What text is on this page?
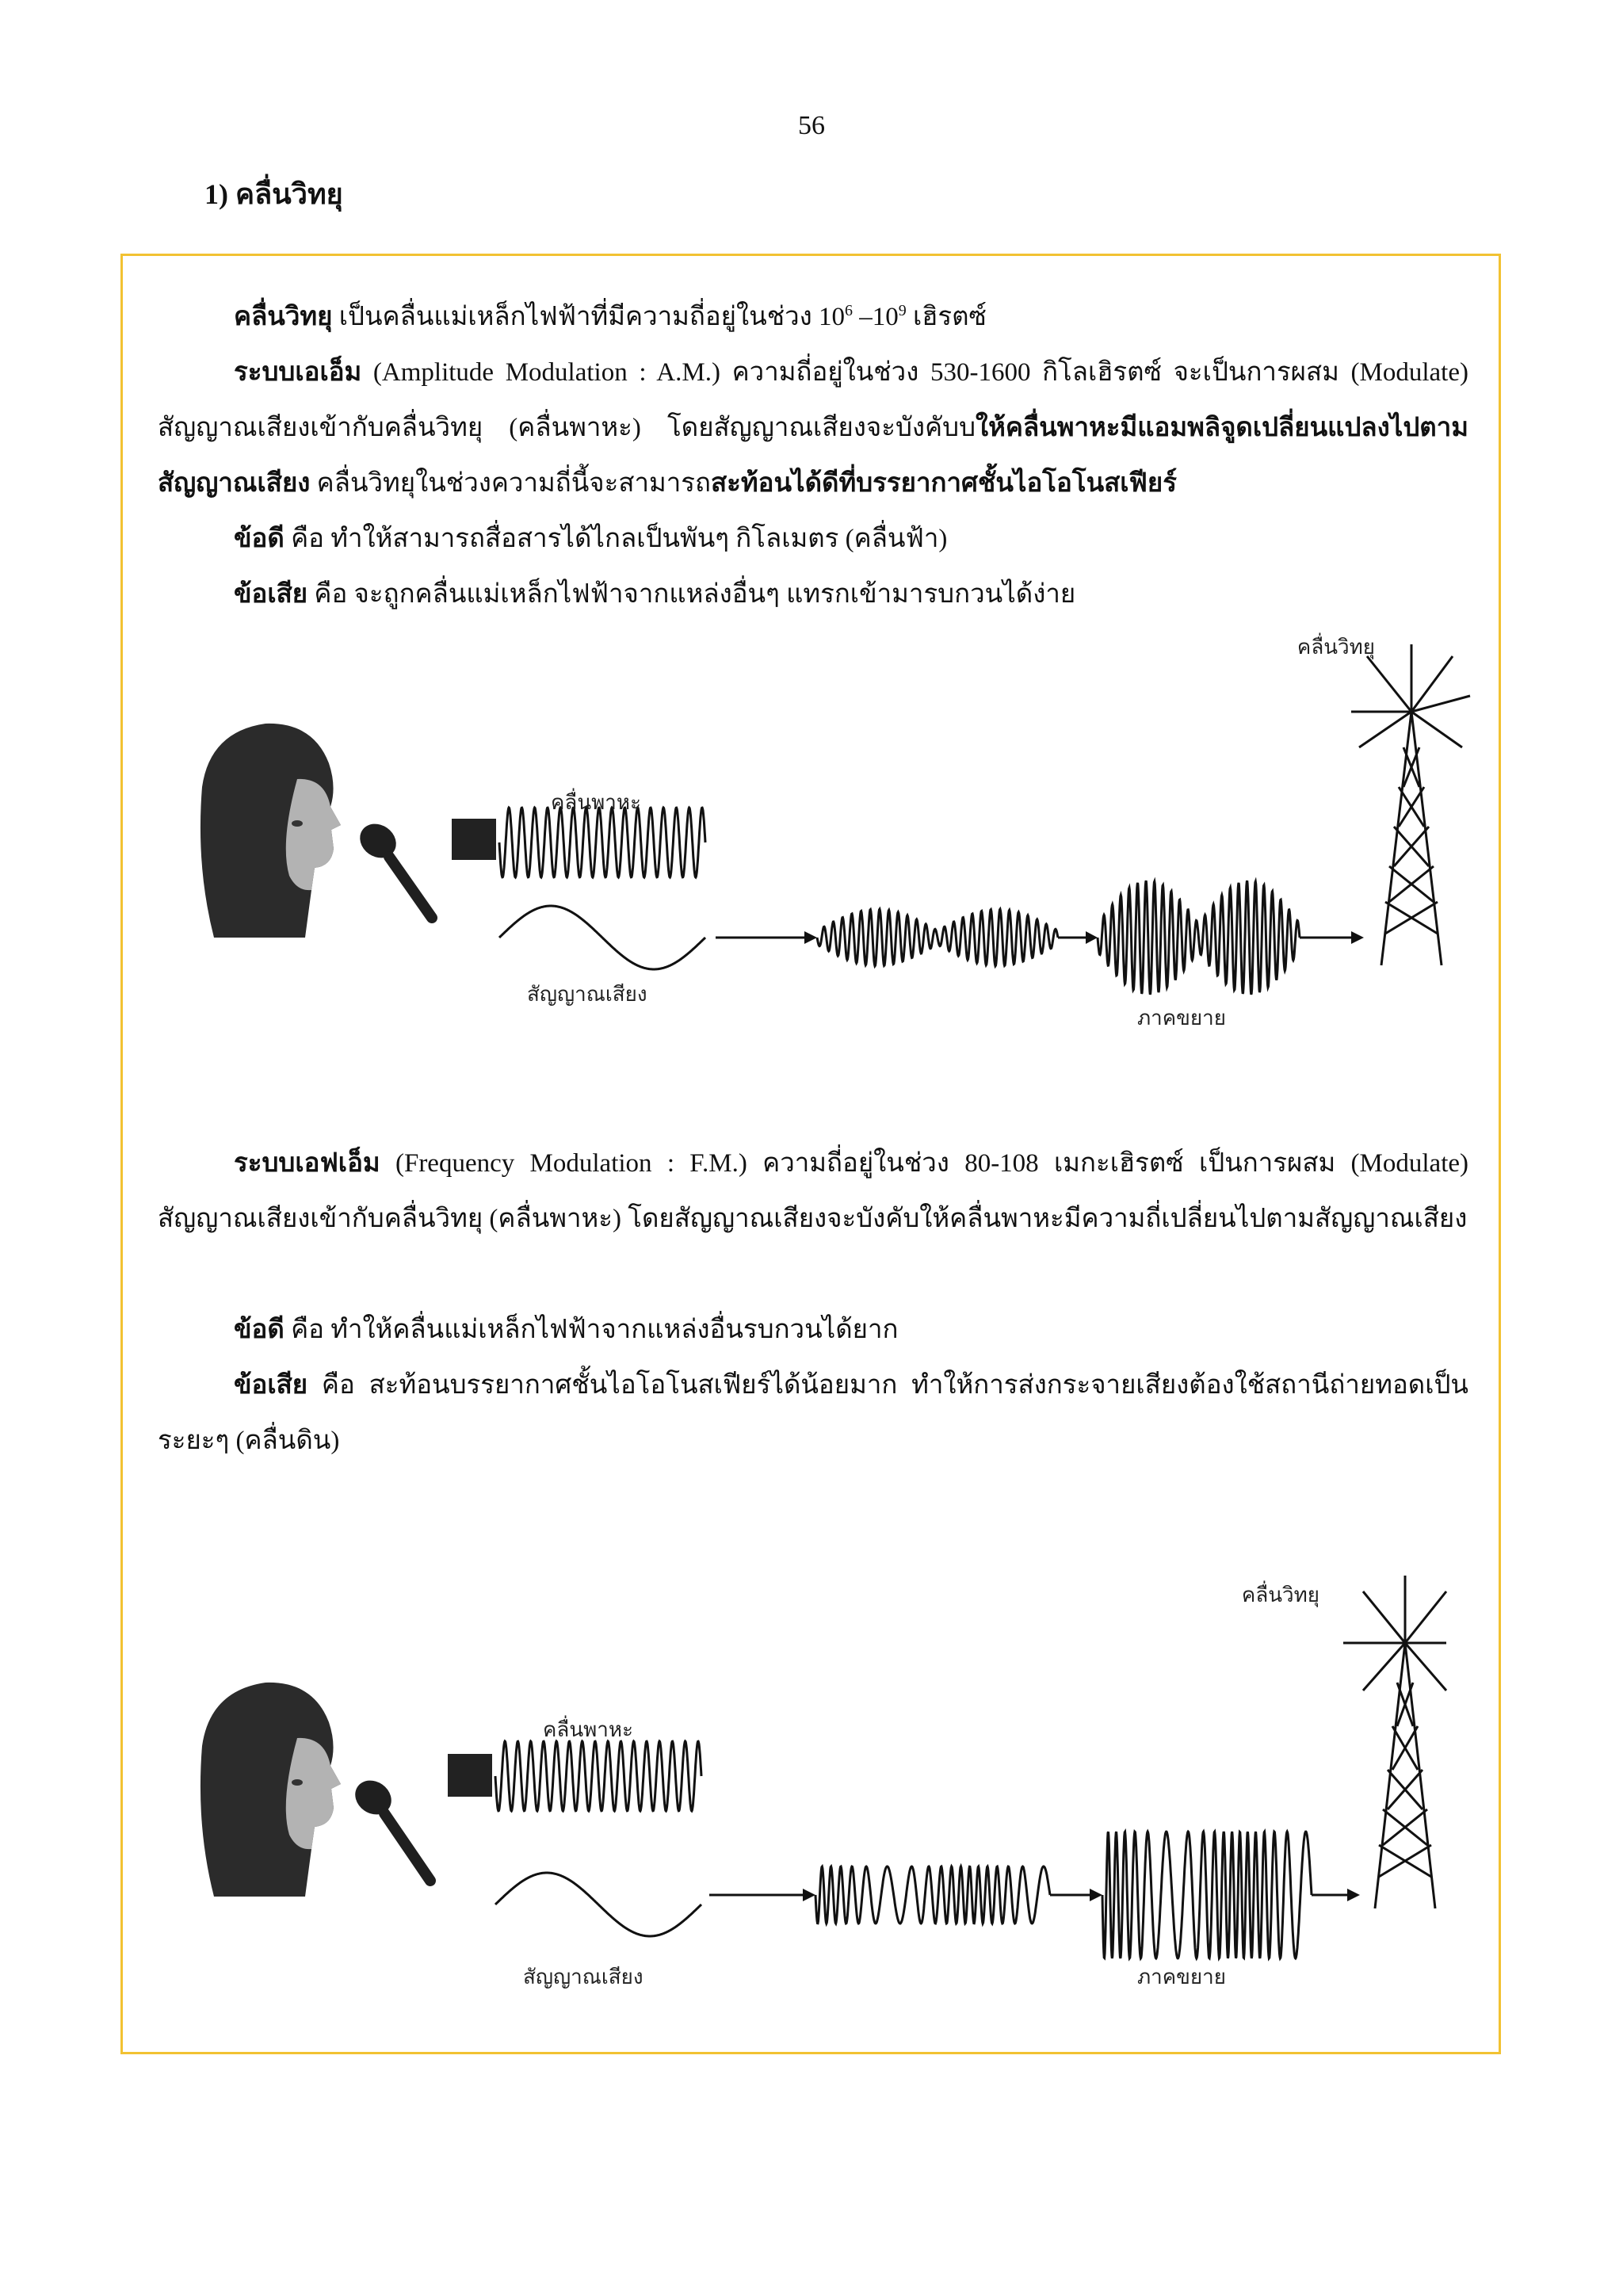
56
1) คลื่นวิทยุ

คลื่นวิทยุ เป็นคลื่นแม่เหล็กไฟฟ้าที่มีความถี่อยู่ในช่วง $10^6$ $-10^9$ เฮิรตซ์

ระบบเอเอ็ม (Amplitude Modulation : A.M.) ความถี่อยู่ในช่วง 530-1600 กิโลเฮิรตซ์ จะเป็นการผสม (Modulate) สัญญาณเสียงเข้ากับคลื่นวิทยุ (คลื่นพาหะ) โดยสัญญาณเสียงจะบังคับบให้คลื่นพาหะมีแอมพลิจูดเปลี่ยนแปลงไปตามสัญญาณเสียง คลื่นวิทยุในช่วงความถี่นี้จะสามารถสะท้อนได้ดีที่บรรยากาศชั้นไอโอโนสเฟียร์

ข้อดี คือ ทำให้สามารถสื่อสารได้ไกลเป็นพันๆ กิโลเมตร (คลื่นฟ้า)

ข้อเสีย คือ จะถูกคลื่นแม่เหล็กไฟฟ้าจากแหล่งอื่นๆ แทรกเข้ามารบกวนได้ง่าย

คลื่นวิทยุ
คลื่นพาหะ
สัญญาณเสียง
ภาคขยาย

ระบบเอฟเอ็ม (Frequency Modulation : F.M.) ความถี่อยู่ในช่วง 80-108 เมกะเฮิรตซ์ เป็นการผสม (Modulate) สัญญาณเสียงเข้ากับคลื่นวิทยุ (คลื่นพาหะ) โดยสัญญาณเสียงจะบังคับให้คลื่นพาหะมีความถี่เปลี่ยนไปตามสัญญาณเสียง

ข้อดี คือ ทำให้คลื่นแม่เหล็กไฟฟ้าจากแหล่งอื่นรบกวนได้ยาก

ข้อเสีย คือ สะท้อนบรรยากาศชั้นไอโอโนสเฟียร์ได้น้อยมาก ทำให้การส่งกระจายเสียงต้องใช้สถานีถ่ายทอดเป็นระยะๆ (คลื่นดิน)

คลื่นวิทยุ
คลื่นพาหะ
สัญญาณเสียง	ภาคขยาย
